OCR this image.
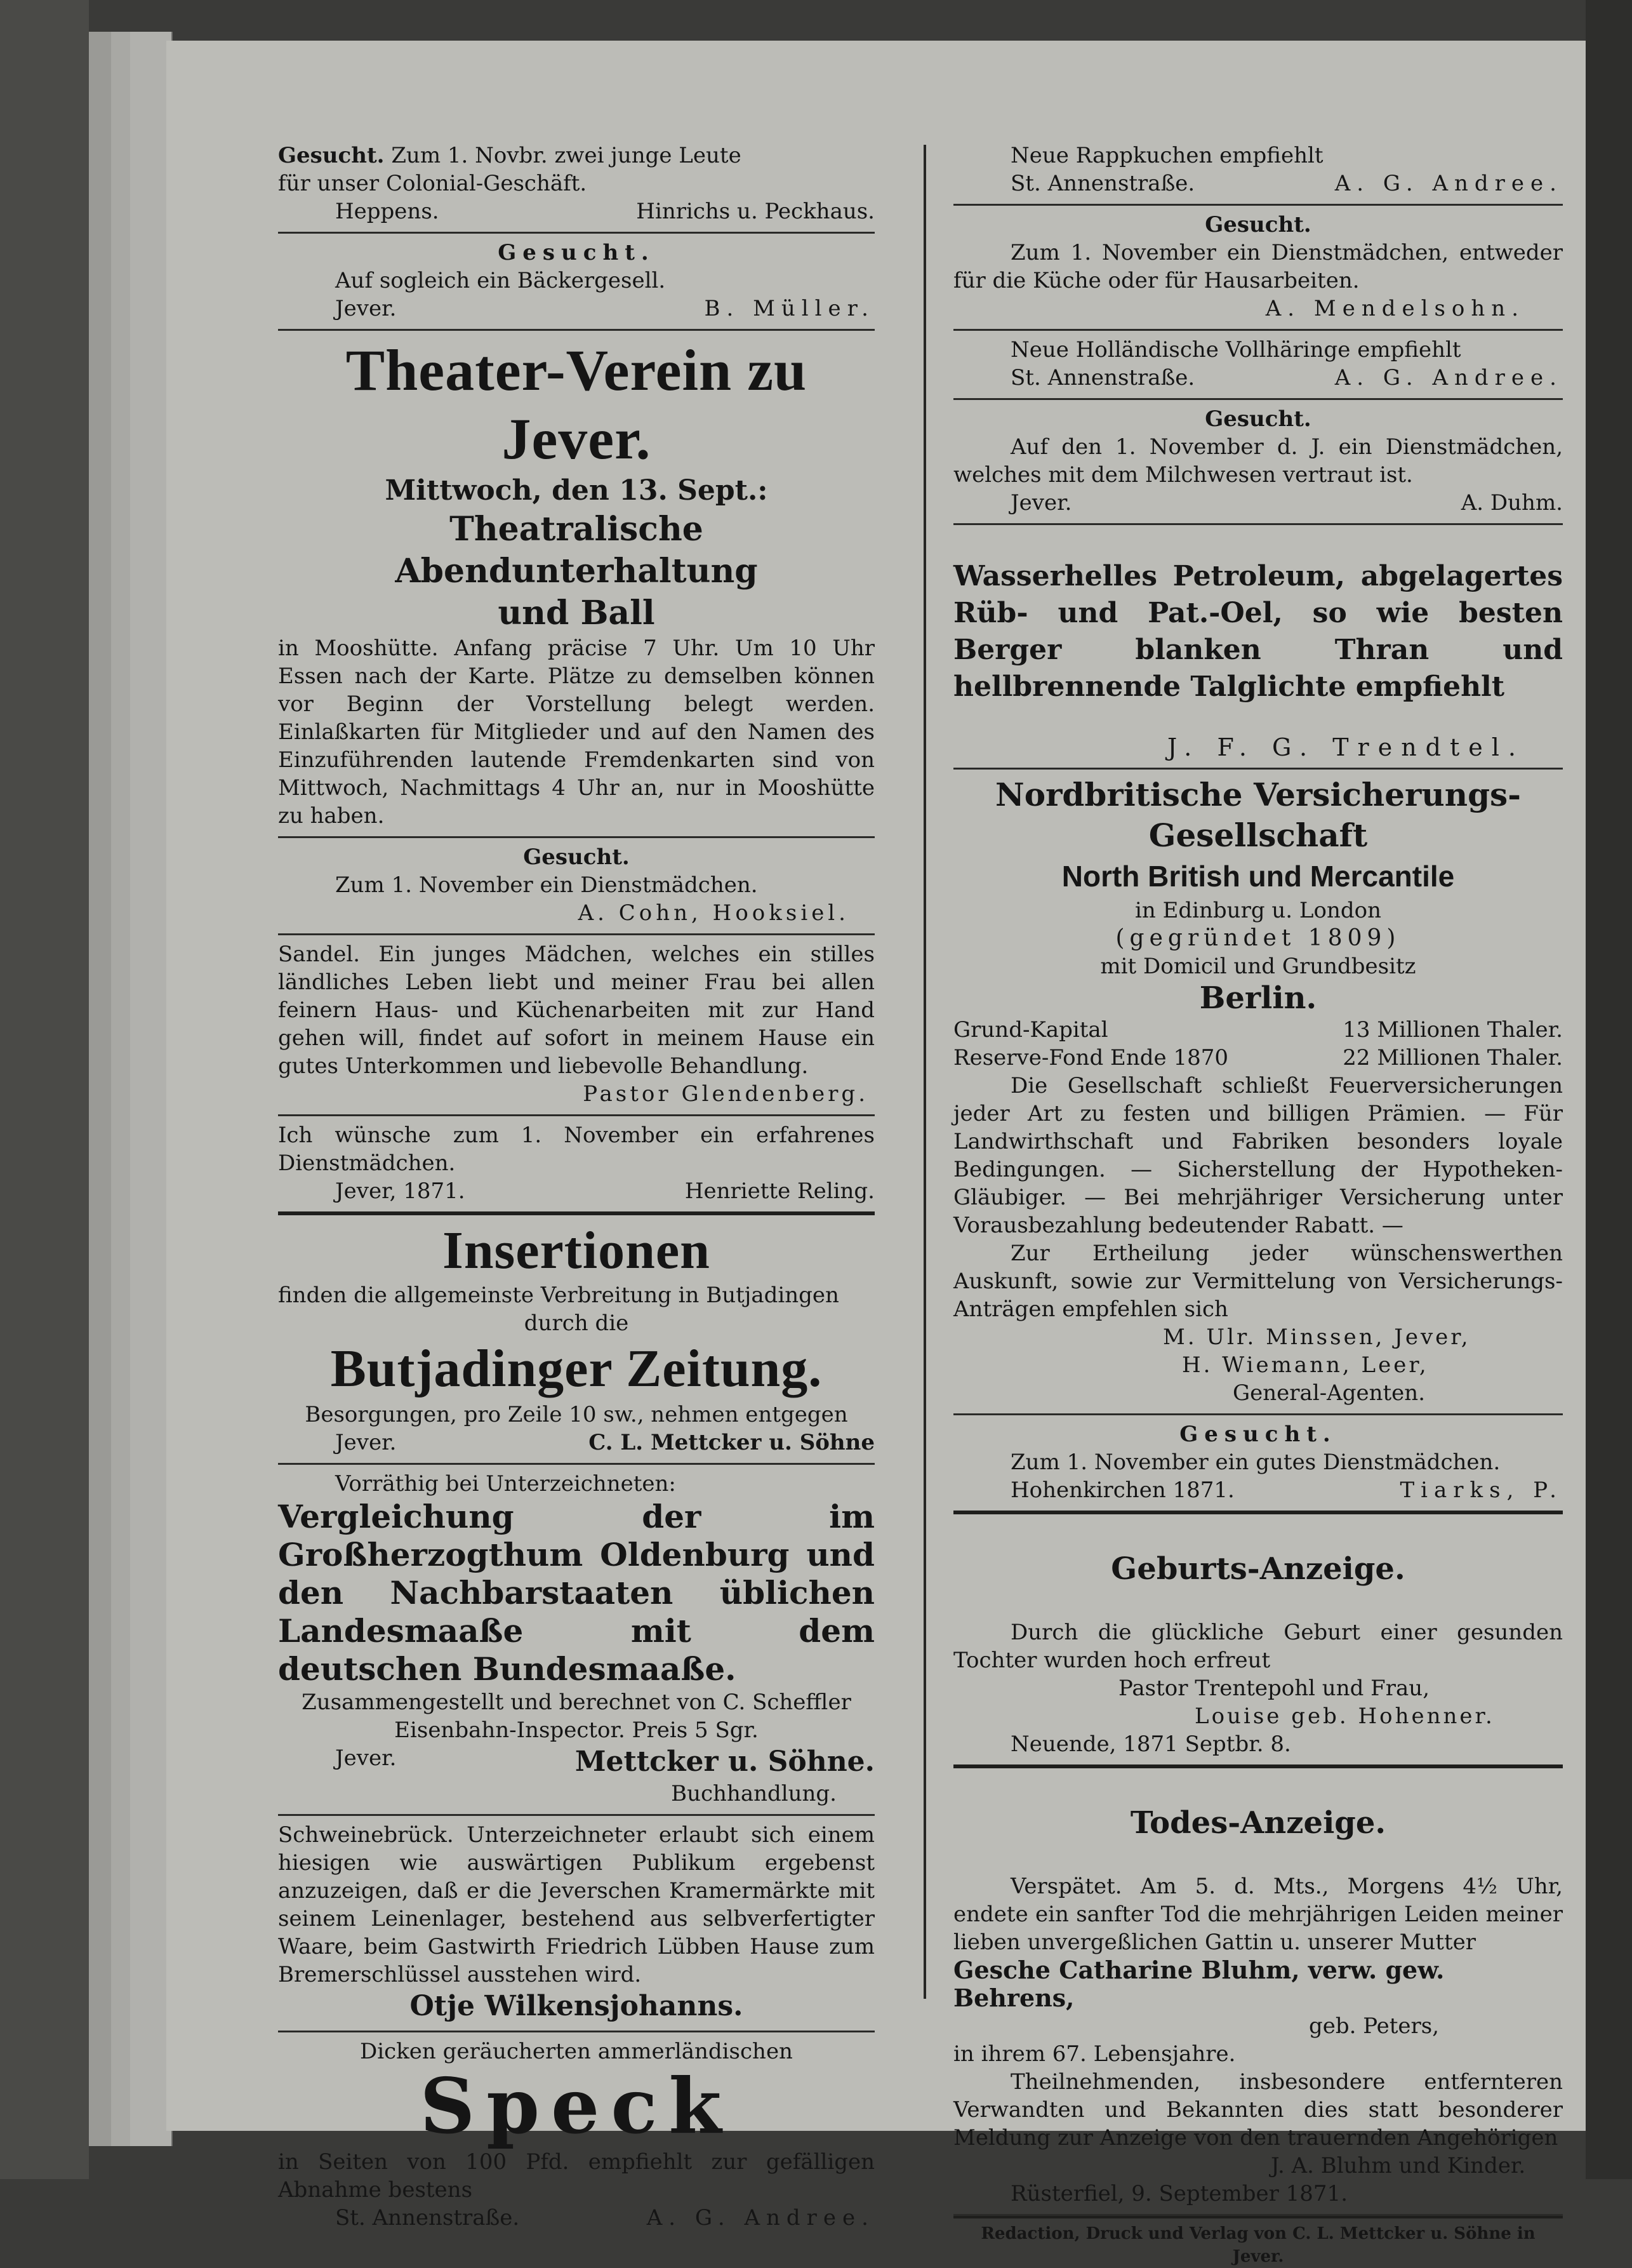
Gesucht. Zum 1. Novbr. zwei junge Leute

für unser Colonial-Geschäft.

Heppens.	Hinrichs u. Peckhaus.

Gesucht.

Auf sogleich ein Bäckergesell.

Jever.	B. Müller.
Theater-Verein zu Jever.
Mittwoch, den 13. Sept.:
Theatralische Abendunterhaltung
und Ball

in Mooshütte. Anfang präcise 7 Uhr. Um 10 Uhr Essen nach der Karte. Plätze zu demselben können vor Beginn der Vorstellung belegt werden. Einlaßkarten für Mitglieder und auf den Namen des Einzuführenden lautende Fremdenkarten sind von Mittwoch, Nachmittags 4 Uhr an, nur in Mooshütte zu haben.

Gesucht.

Zum 1. November ein Dienstmädchen.

A. Cohn, Hooksiel.

Sandel. Ein junges Mädchen, welches ein stilles ländliches Leben liebt und meiner Frau bei allen feinern Haus- und Küchenarbeiten mit zur Hand gehen will, findet auf sofort in meinem Hause ein gutes Unterkommen und liebevolle Behandlung.

Pastor Glendenberg.

Ich wünsche zum 1. November ein erfahrenes Dienstmädchen.

Jever, 1871.	Henriette Reling.
Insertionen

finden die allgemeinste Verbreitung in Butjadingen

durch die

Butjadinger Zeitung.

Besorgungen, pro Zeile 10 sw., nehmen entgegen

Jever.	C. L. Mettcker u. Söhne

Vorräthig bei Unterzeichneten:

Vergleichung der im Großherzogthum Oldenburg und den Nachbarstaaten üblichen Landesmaaße mit dem deutschen Bundesmaaße.

Zusammengestellt und berechnet von C. Scheffler

Eisenbahn-Inspector. Preis 5 Sgr.

Jever.	Mettcker u. Söhne.

Buchhandlung.

Schweinebrück. Unterzeichneter erlaubt sich einem hiesigen wie auswärtigen Publikum ergebenst anzuzeigen, daß er die Jeverschen Kramermärkte mit seinem Leinenlager, bestehend aus selbverfertigter Waare, beim Gastwirth Friedrich Lübben Hause zum Bremerschlüssel ausstehen wird.

Otje Wilkensjohanns.

Dicken geräucherten ammerländischen

Speck

in Seiten von 100 Pfd. empfiehlt zur gefälligen Abnahme bestens

St. Annenstraße.	A. G. Andree.

Neue Rappkuchen empfiehlt

St. Annenstraße.	A. G. Andree.

Gesucht.

Zum 1. November ein Dienstmädchen, entweder für die Küche oder für Hausarbeiten.

A. Mendelsohn.

Neue Holländische Vollhäringe empfiehlt

St. Annenstraße.	A. G. Andree.

Gesucht.

Auf den 1. November d. J. ein Dienstmädchen, welches mit dem Milchwesen vertraut ist.

Jever.	A. Duhm.

Wasserhelles Petroleum, abgelagertes Rüb- und Pat.-Oel, so wie besten Berger blanken Thran und hellbrennende Talglichte empfiehlt

J. F. G. Trendtel.

Nordbritische Versicherungs-
Gesellschaft
North British und Mercantile

in Edinburg u. London

(gegründet 1809)

mit Domicil und Grundbesitz

Berlin.

Grund-Kapital	13 Millionen Thaler.
Reserve-Fond Ende 1870	22 Millionen Thaler.

Die Gesellschaft schließt Feuerversicherungen jeder Art zu festen und billigen Prämien. — Für Landwirthschaft und Fabriken besonders loyale Bedingungen. — Sicherstellung der Hypotheken-Gläubiger. — Bei mehrjähriger Versicherung unter Vorausbezahlung bedeutender Rabatt. —

Zur Ertheilung jeder wünschenswerthen Auskunft, sowie zur Vermittelung von Versicherungs-Anträgen empfehlen sich

M. Ulr. Minssen, Jever,

H. Wiemann, Leer,

General-Agenten.

Gesucht.

Zum 1. November ein gutes Dienstmädchen.

Hohenkirchen 1871.	Tiarks, P.

Geburts-Anzeige.

Durch die glückliche Geburt einer gesunden Tochter wurden hoch erfreut

Pastor Trentepohl und Frau,

Louise geb. Hohenner.

Neuende, 1871 Septbr. 8.

Todes-Anzeige.

Verspätet. Am 5. d. Mts., Morgens 4½ Uhr, endete ein sanfter Tod die mehrjährigen Leiden meiner lieben unvergeßlichen Gattin u. unserer Mutter

Gesche Catharine Bluhm, verw. gew. Behrens,

geb. Peters,

in ihrem 67. Lebensjahre.

Theilnehmenden, insbesondere entfernteren Verwandten und Bekannten dies statt besonderer Meldung zur Anzeige von den trauernden Angehörigen

J. A. Bluhm und Kinder.

Rüsterfiel, 9. September 1871.

Redaction, Druck und Verlag von C. L. Mettcker u. Söhne in Jever.
